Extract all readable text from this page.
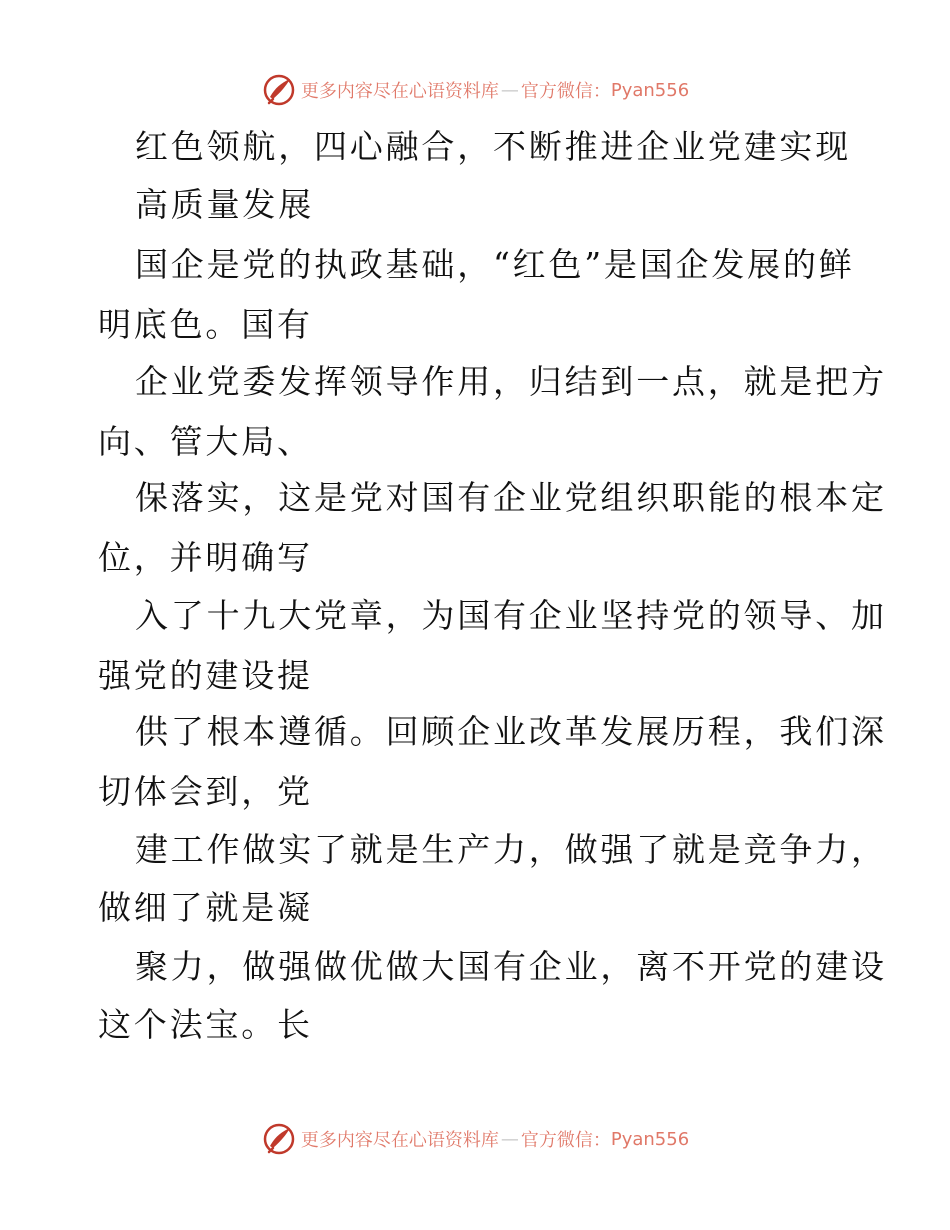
更多内容尽在心语资料库 — 官方微信： Pyan556
红色领航，四心融合，不断推进企业党建实现
高质量发展
国企是党的执政基础，“红色”是国企发展的鲜
明底色。国有
企业党委发挥领导作用，归结到一点，就是把方
向、管大局、
保落实，这是党对国有企业党组织职能的根本定
位，并明确写
入了十九大党章，为国有企业坚持党的领导、加
强党的建设提
供了根本遵循。回顾企业改革发展历程，我们深
切体会到，党
建工作做实了就是生产力，做强了就是竞争力，
做细了就是凝
聚力，做强做优做大国有企业，离不开党的建设
这个法宝。长
更多内容尽在心语资料库 — 官方微信： Pyan556
